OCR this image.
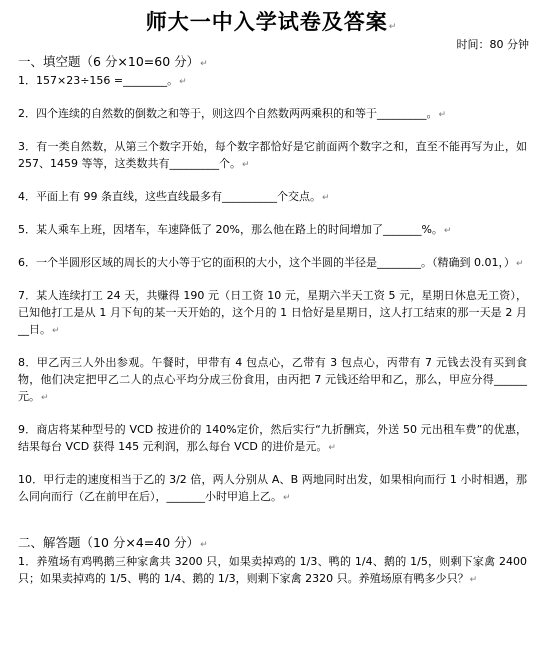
师大一中入学试卷及答案↵
时间：80 分钟

一、填空题（6 分×10=60 分）↵

1．157×23÷156 =________。↵

2．四个连续的自然数的倒数之和等于，则这四个自然数两两乘积的和等于_________。↵

3．有一类自然数，从第三个数字开始，每个数字都恰好是它前面两个数字之和，直至不能再写为止，如 257、1459 等等，这类数共有_________个。↵

4．平面上有 99 条直线，这些直线最多有__________个交点。↵

5．某人乘车上班，因堵车，车速降低了 20%，那么他在路上的时间增加了_______%。↵

6．一个半圆形区域的周长的大小等于它的面积的大小，这个半圆的半径是________。（精确到 0.01，）↵

7．某人连续打工 24 天，共赚得 190 元（日工资 10 元，星期六半天工资 5 元，星期日休息无工资），已知他打工是从 1 月下旬的某一天开始的，这个月的 1 日恰好是星期日，这人打工结束的那一天是 2 月__日。↵

8．甲乙丙三人外出参观。午餐时，甲带有 4 包点心，乙带有 3 包点心，丙带有 7 元钱去没有买到食物，他们决定把甲乙二人的点心平均分成三份食用，由丙把 7 元钱还给甲和乙，那么，甲应分得______元。↵

9．商店将某种型号的 VCD 按进价的 140%定价，然后实行“九折酬宾，外送 50 元出租车费”的优惠，结果每台 VCD 获得 145 元利润，那么每台 VCD 的进价是元。↵

10．甲行走的速度相当于乙的 3/2 倍，两人分别从 A、B 两地同时出发，如果相向而行 1 小时相遇，那么同向而行（乙在前甲在后），_______小时甲追上乙。↵

二、解答题（10 分×4=40 分）↵

1．养殖场有鸡鸭鹅三种家禽共 3200 只，如果卖掉鸡的 1/3、鸭的 1/4、鹅的 1/5，则剩下家禽 2400 只；如果卖掉鸡的 1/5、鸭的 1/4、鹅的 1/3，则剩下家禽 2320 只。养殖场原有鸭多少只？↵
